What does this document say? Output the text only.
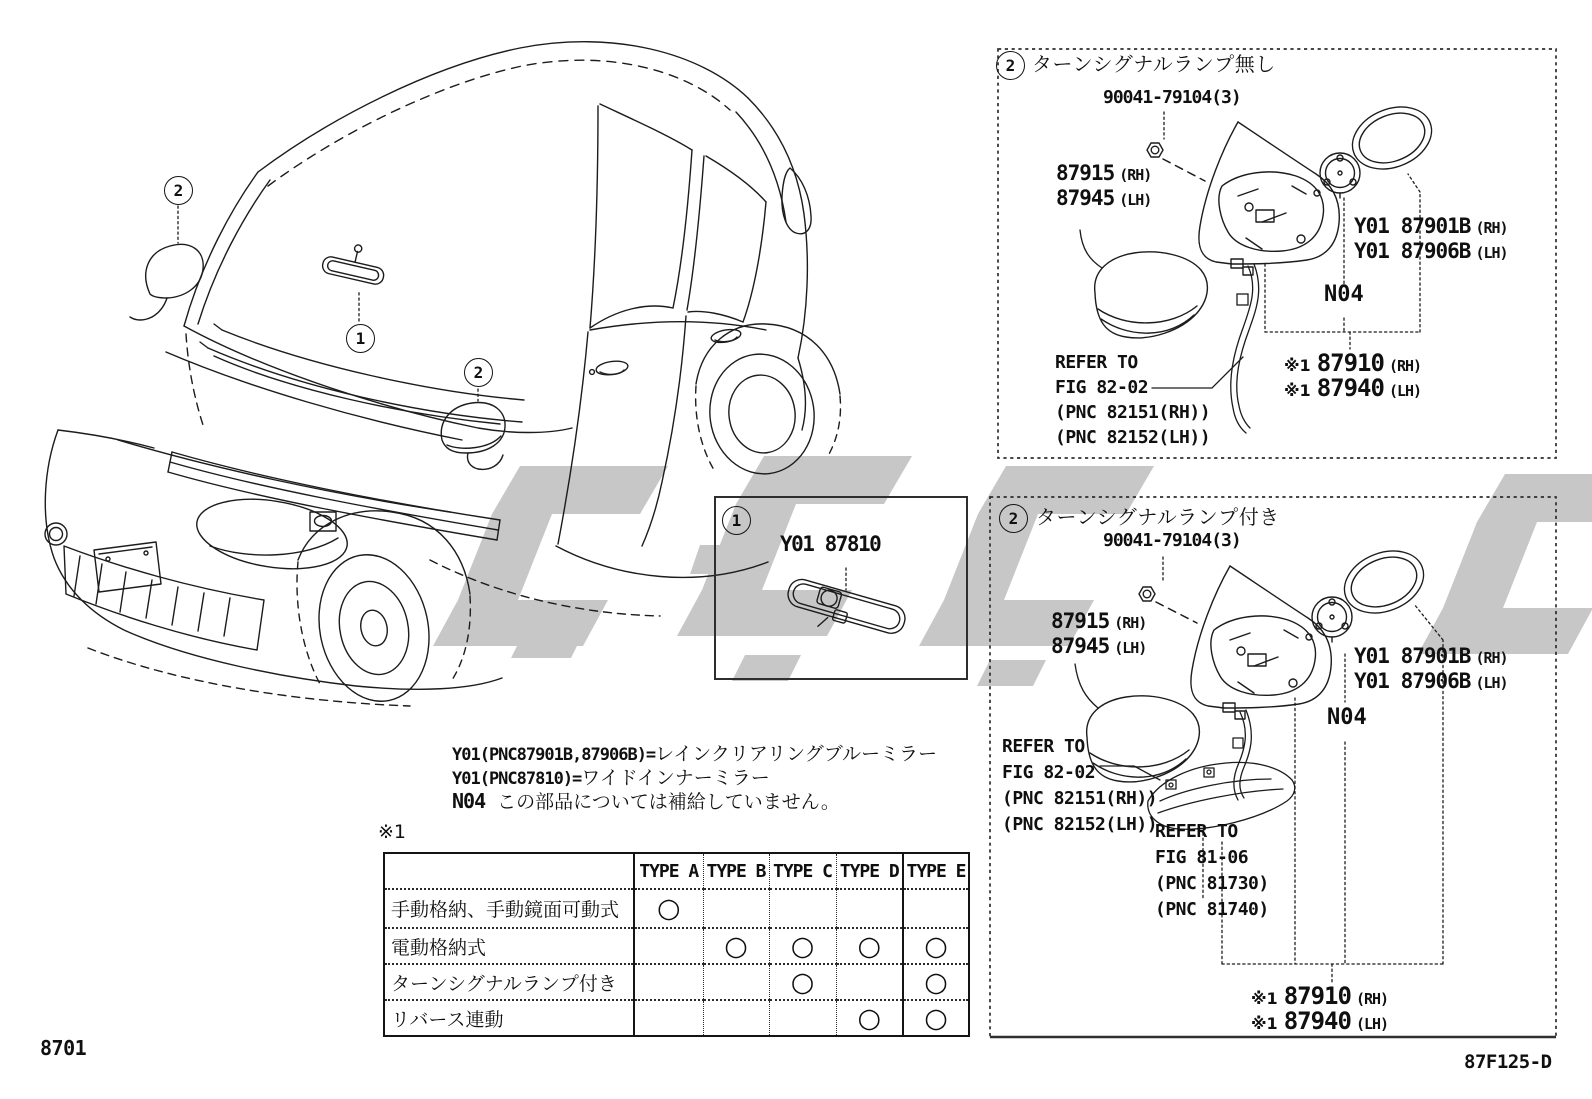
2
1
2
1
2
2
Y01 87810
ターンシグナルランプ無し
90041-79104(3)
87915 (RH)
87945 (LH)
Y01 87901B (RH)
Y01 87906B (LH)
N04
REFER TO
FIG 82-02
(PNC 82151(RH))
(PNC 82152(LH))
※1 87910 (RH)
※1 87940 (LH)
ターンシグナルランプ付き
90041-79104(3)
87915 (RH)
87945 (LH)	Y01 87901B (RH)
Y01 87906B (LH)
N04
REFER TO
FIG 82-02
(PNC 82151(RH))
(PNC 82152(LH))
REFER TO
FIG 81-06
(PNC 81730)
(PNC 81740)
※1 87910 (RH)
※1 87940 (LH)
Y01(PNC87901B,87906B)=レインクリアリングブルーミラー
Y01(PNC87810)=ワイドインナーミラー
N04 この部品については補給していません。
※1
	TYPE A	TYPE B	TYPE C	TYPE D	TYPE E
手動格納、手動鏡面可動式	○				
電動格納式		○	○	○	○
ターンシグナルランプ付き			○		○
リバース連動				○	○
8701
87F125-D
